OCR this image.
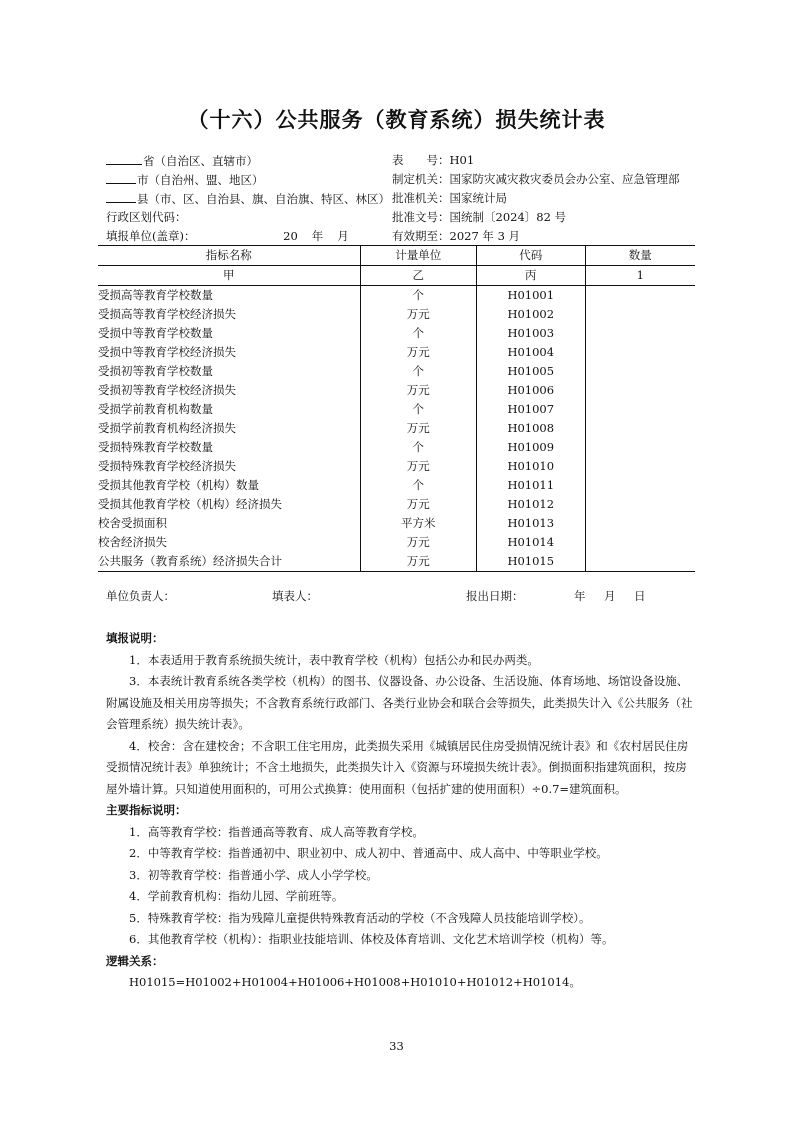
（十六）公共服务（教育系统）损失统计表
省（自治区、直辖市）
市（自治州、盟、地区）
县（市、区、自治县、旗、自治旗、特区、林区）
行政区划代码：
填报单位(盖章)：	20 年 月
表　　号：H01
制定机关：国家防灾减灾救灾委员会办公室、应急管理部
批准机关：国家统计局
批准文号：国统制〔2024〕82 号
有效期至：2027 年 3 月
指标名称	计量单位	代码	数量
甲	乙	丙	1
受损高等教育学校数量	个	H01001	
受损高等教育学校经济损失	万元	H01002	
受损中等教育学校数量	个	H01003	
受损中等教育学校经济损失	万元	H01004	
受损初等教育学校数量	个	H01005	
受损初等教育学校经济损失	万元	H01006	
受损学前教育机构数量	个	H01007	
受损学前教育机构经济损失	万元	H01008	
受损特殊教育学校数量	个	H01009	
受损特殊教育学校经济损失	万元	H01010	
受损其他教育学校（机构）数量	个	H01011	
受损其他教育学校（机构）经济损失	万元	H01012	
校舍受损面积	平方米	H01013	
校舍经济损失	万元	H01014	
公共服务（教育系统）经济损失合计	万元	H01015	
单位负责人：	填表人：	报出日期：	年 月 日

填报说明：

1．本表适用于教育系统损失统计，表中教育学校（机构）包括公办和民办两类。

3．本表统计教育系统各类学校（机构）的图书、仪器设备、办公设备、生活设施、体育场地、场馆设备设施、附属设施及相关用房等损失；不含教育系统行政部门、各类行业协会和联合会等损失，此类损失计入《公共服务（社会管理系统）损失统计表》。

4．校舍：含在建校舍；不含职工住宅用房，此类损失采用《城镇居民住房受损情况统计表》和《农村居民住房受损情况统计表》单独统计；不含土地损失，此类损失计入《资源与环境损失统计表》。倒损面积指建筑面积，按房屋外墙计算。只知道使用面积的，可用公式换算：使用面积（包括扩建的使用面积）÷0.7=建筑面积。

主要指标说明：

1．高等教育学校：指普通高等教育、成人高等教育学校。

2．中等教育学校：指普通初中、职业初中、成人初中、普通高中、成人高中、中等职业学校。

3．初等教育学校：指普通小学、成人小学学校。

4．学前教育机构：指幼儿园、学前班等。

5．特殊教育学校：指为残障儿童提供特殊教育活动的学校（不含残障人员技能培训学校）。

6．其他教育学校（机构）：指职业技能培训、体校及体育培训、文化艺术培训学校（机构）等。

逻辑关系：

H01015=H01002+H01004+H01006+H01008+H01010+H01012+H01014。

33
